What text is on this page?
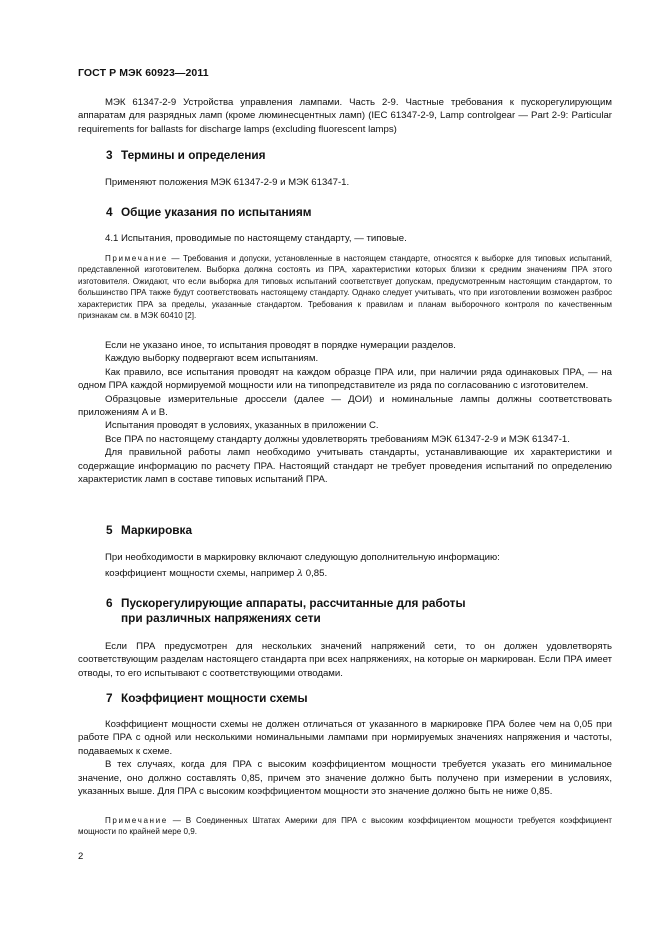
ГОСТ Р МЭК 60923—2011
МЭК 61347-2-9 Устройства управления лампами. Часть 2-9. Частные требования к пускорегулирующим аппаратам для разрядных ламп (кроме люминесцентных ламп) (IEC 61347-2-9, Lamp controlgear — Part 2-9: Particular requirements for ballasts for discharge lamps (excluding fluorescent lamps)
3 Термины и определения
Применяют положения МЭК 61347-2-9 и МЭК 61347-1.
4 Общие указания по испытаниям
4.1 Испытания, проводимые по настоящему стандарту, — типовые.
Примечание — Требования и допуски, установленные в настоящем стандарте, относятся к выборке для типовых испытаний, представленной изготовителем. Выборка должна состоять из ПРА, характеристики которых близки к средним значениям ПРА этого изготовителя. Ожидают, что если выборка для типовых испытаний соответствует допускам, предусмотренным настоящим стандартом, то большинство ПРА также будут соответствовать настоящему стандарту. Однако следует учитывать, что при изготовлении возможен разброс характеристик ПРА за пределы, указанные стандартом. Требования к правилам и планам выборочного контроля по качественным признакам см. в МЭК 60410 [2].
Если не указано иное, то испытания проводят в порядке нумерации разделов.
Каждую выборку подвергают всем испытаниям.
Как правило, все испытания проводят на каждом образце ПРА или, при наличии ряда одинаковых ПРА, — на одном ПРА каждой нормируемой мощности или на типопредставителе из ряда по согласованию с изготовителем.
Образцовые измерительные дроссели (далее — ДОИ) и номинальные лампы должны соответствовать приложениям А и В.
Испытания проводят в условиях, указанных в приложении С.
Все ПРА по настоящему стандарту должны удовлетворять требованиям МЭК 61347-2-9 и МЭК 61347-1.
Для правильной работы ламп необходимо учитывать стандарты, устанавливающие их характеристики и содержащие информацию по расчету ПРА. Настоящий стандарт не требует проведения испытаний по определению характеристик ламп в составе типовых испытаний ПРА.
5 Маркировка
При необходимости в маркировку включают следующую дополнительную информацию:
коэффициент мощности схемы, например λ 0,85.
6 Пускорегулирующие аппараты, рассчитанные для работы
при различных напряжениях сети
Если ПРА предусмотрен для нескольких значений напряжений сети, то он должен удовлетворять соответствующим разделам настоящего стандарта при всех напряжениях, на которые он маркирован. Если ПРА имеет отводы, то его испытывают с соответствующими отводами.
7 Коэффициент мощности схемы
Коэффициент мощности схемы не должен отличаться от указанного в маркировке ПРА более чем на 0,05 при работе ПРА с одной или несколькими номинальными лампами при нормируемых значениях напряжения и частоты, подаваемых к схеме.
В тех случаях, когда для ПРА с высоким коэффициентом мощности требуется указать его минимальное значение, оно должно составлять 0,85, причем это значение должно быть получено при измерении в условиях, указанных выше. Для ПРА с высоким коэффициентом мощности это значение должно быть не ниже 0,85.
Примечание — В Соединенных Штатах Америки для ПРА с высоким коэффициентом мощности требуется коэффициент мощности по крайней мере 0,9.
2
